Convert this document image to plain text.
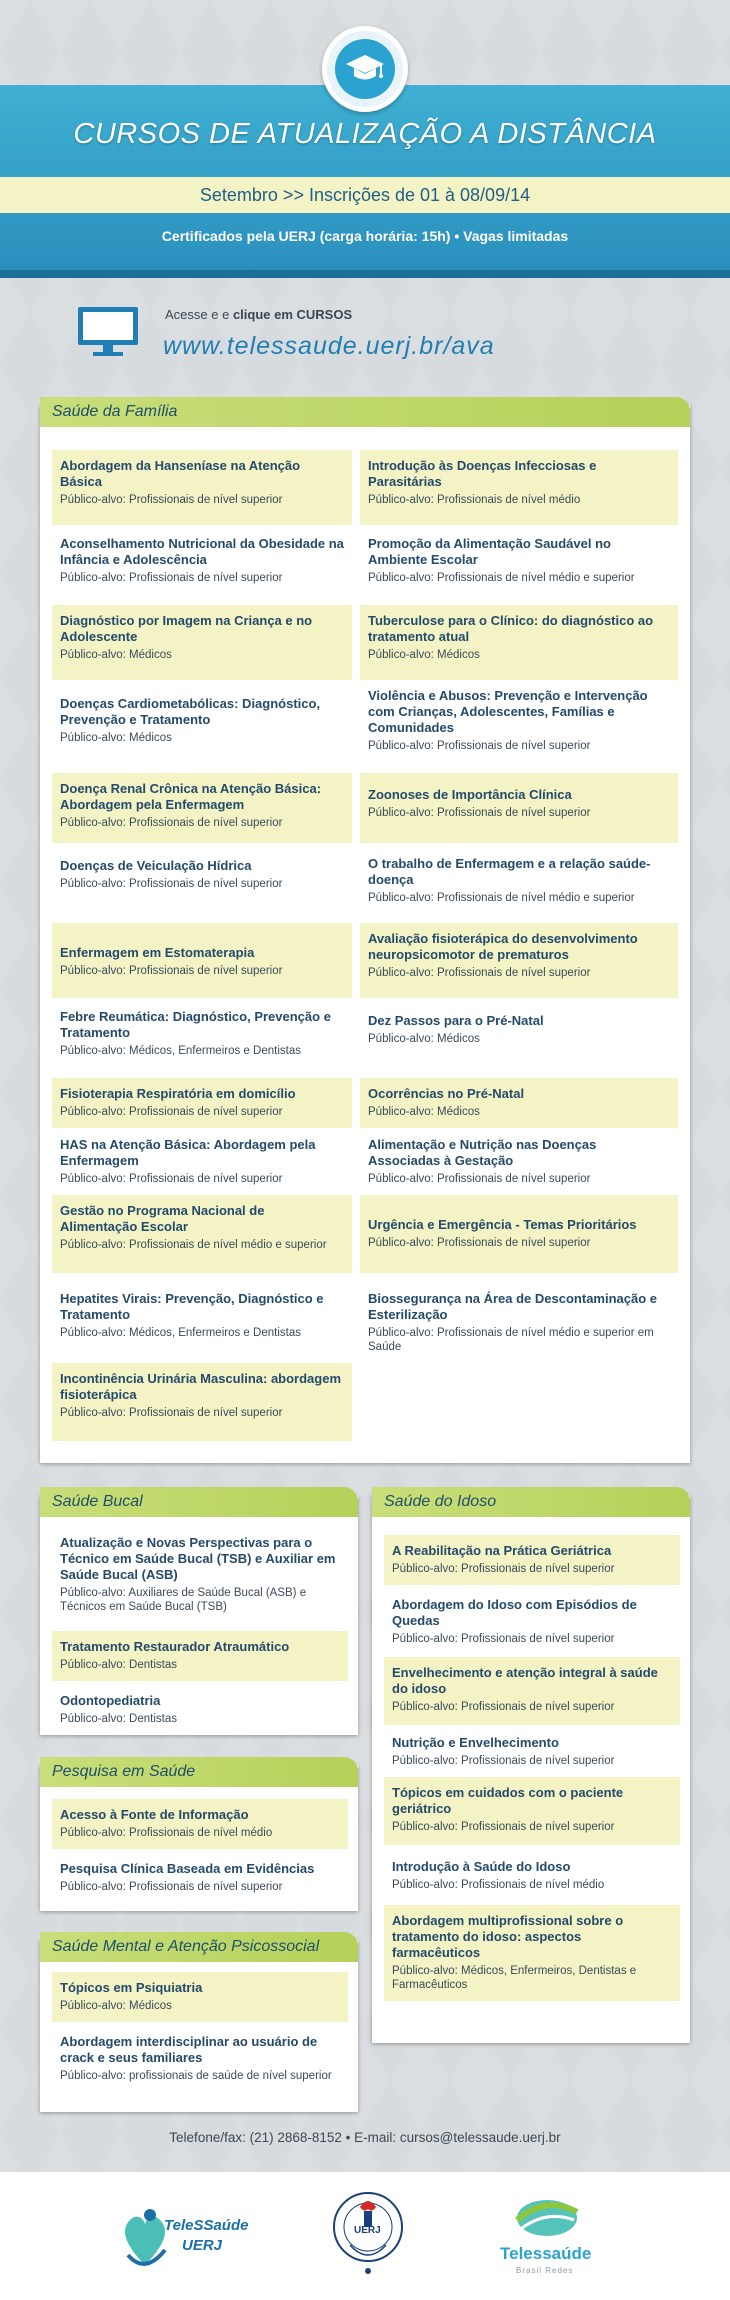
CURSOS DE ATUALIZAÇÃO A DISTÂNCIA
Setembro >> Inscrições de 01 à 08/09/14
Certificados pela UERJ (carga horária: 15h) • Vagas limitadas
Acesse e e clique em CURSOS
www.telessaude.uerj.br/ava
Saúde da Família
Abordagem da Hanseníase na Atenção Básica
Público-alvo: Profissionais de nível superior
Aconselhamento Nutricional da Obesidade na Infância e Adolescência
Público-alvo: Profissionais de nível superior
Diagnóstico por Imagem na Criança e no Adolescente
Público-alvo: Médicos
Doenças Cardiometabólicas: Diagnóstico, Prevenção e Tratamento
Público-alvo: Médicos
Doença Renal Crônica na Atenção Básica: Abordagem pela Enfermagem
Público-alvo: Profissionais de nível superior
Doenças de Veiculação Hídrica
Público-alvo: Profissionais de nível superior
Enfermagem em Estomaterapia
Público-alvo: Profissionais de nível superior
Febre Reumática: Diagnóstico, Prevenção e Tratamento
Público-alvo: Médicos, Enfermeiros e Dentistas
Fisioterapia Respiratória em domicílio
Público-alvo: Profissionais de nível superior
HAS na Atenção Básica: Abordagem pela Enfermagem
Público-alvo: Profissionais de nível superior
Gestão no Programa Nacional de Alimentação Escolar
Público-alvo: Profissionais de nível médio e superior
Hepatites Virais: Prevenção, Diagnóstico e Tratamento
Público-alvo: Médicos, Enfermeiros e Dentistas
Incontinência Urinária Masculina: abordagem fisioterápica
Público-alvo: Profissionais de nível superior
Introdução às Doenças Infecciosas e Parasitárias
Público-alvo: Profissionais de nível médio
Promoção da Alimentação Saudável no Ambiente Escolar
Público-alvo: Profissionais de nível médio e superior
Tuberculose para o Clínico: do diagnóstico ao tratamento atual
Público-alvo: Médicos
Violência e Abusos: Prevenção e Intervenção com Crianças, Adolescentes, Famílias e Comunidades
Público-alvo: Profissionais de nível superior
Zoonoses de Importância Clínica
Público-alvo: Profissionais de nível superior
O trabalho de Enfermagem e a relação saúde-doença
Público-alvo: Profissionais de nível médio e superior
Avaliação fisioterápica do desenvolvimento neuropsicomotor de prematuros
Público-alvo: Profissionais de nível superior
Dez Passos para o Pré-Natal
Público-alvo: Médicos
Ocorrências no Pré-Natal
Público-alvo: Médicos
Alimentação e Nutrição nas Doenças Associadas à Gestação
Público-alvo: Profissionais de nível superior
Urgência e Emergência - Temas Prioritários
Público-alvo: Profissionais de nível superior
Biossegurança na Área de Descontaminação e Esterilização
Público-alvo: Profissionais de nível médio e superior em Saúde
Saúde Bucal
Atualização e Novas Perspectivas para o Técnico em Saúde Bucal (TSB) e Auxiliar em Saúde Bucal (ASB)
Público-alvo: Auxiliares de Saúde Bucal (ASB) e Técnicos em Saúde Bucal (TSB)
Tratamento Restaurador Atraumático
Público-alvo: Dentistas
Odontopediatria
Público-alvo: Dentistas
Pesquisa em Saúde
Acesso à Fonte de Informação
Público-alvo: Profissionais de nível médio
Pesquisa Clínica Baseada em Evidências
Público-alvo: Profissionais de nível superior
Saúde Mental e Atenção Psicossocial
Tópicos em Psiquiatria
Público-alvo: Médicos
Abordagem interdisciplinar ao usuário de crack e seus familiares
Público-alvo: profissionais de saúde de nível superior
Saúde do Idoso
A Reabilitação na Prática Geriátrica
Público-alvo: Profissionais de nível superior
Abordagem do Idoso com Episódios de Quedas
Público-alvo: Profissionais de nível superior
Envelhecimento e atenção integral à saúde do idoso
Público-alvo: Profissionais de nível superior
Nutrição e Envelhecimento
Público-alvo: Profissionais de nível superior
Tópicos em cuidados com o paciente geriátrico
Público-alvo: Profissionais de nível superior
Introdução à Saúde do Idoso
Público-alvo: Profissionais de nível médio
Abordagem multiprofissional sobre o tratamento do idoso: aspectos farmacêuticos
Público-alvo: Médicos, Enfermeiros, Dentistas e Farmacêuticos
Telefone/fax: (21) 2868-8152 • E-mail: cursos@telessaude.uerj.br
TeleSSaúde
UERJ
UERJ
Telessaúde
Brasil Redes
